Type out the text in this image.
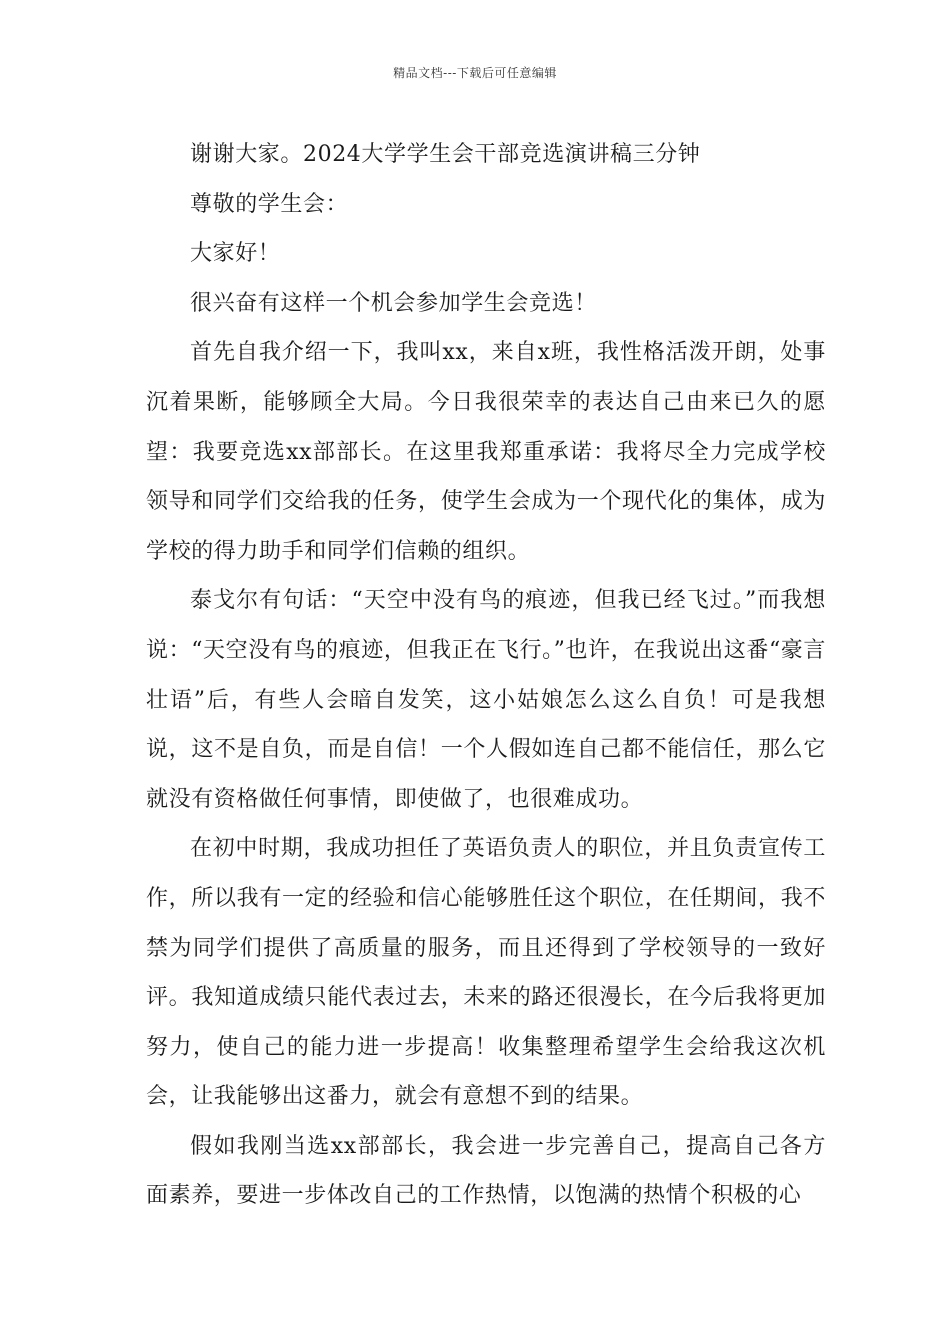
精品文档---下载后可任意编辑

谢谢大家。2024大学学生会干部竞选演讲稿三分钟

尊敬的学生会：

大家好！

很兴奋有这样一个机会参加学生会竞选！

首先自我介绍一下，我叫xx，来自x班，我性格活泼开朗，处事沉着果断，能够顾全大局。今日我很荣幸的表达自己由来已久的愿望：我要竞选xx部部长。在这里我郑重承诺：我将尽全力完成学校领导和同学们交给我的任务，使学生会成为一个现代化的集体，成为学校的得力助手和同学们信赖的组织。

泰戈尔有句话：“天空中没有鸟的痕迹，但我已经飞过。”而我想说：“天空没有鸟的痕迹，但我正在飞行。”也许，在我说出这番“豪言壮语”后，有些人会暗自发笑，这小姑娘怎么这么自负！可是我想说，这不是自负，而是自信！一个人假如连自己都不能信任，那么它就没有资格做任何事情，即使做了，也很难成功。

在初中时期，我成功担任了英语负责人的职位，并且负责宣传工作，所以我有一定的经验和信心能够胜任这个职位，在任期间，我不禁为同学们提供了高质量的服务，而且还得到了学校领导的一致好评。我知道成绩只能代表过去，未来的路还很漫长，在今后我将更加努力，使自己的能力进一步提高！收集整理希望学生会给我这次机会，让我能够出这番力，就会有意想不到的结果。

假如我刚当选xx部部长，我会进一步完善自己，提高自己各方面素养，要进一步体改自己的工作热情，以饱满的热情个积极的心
